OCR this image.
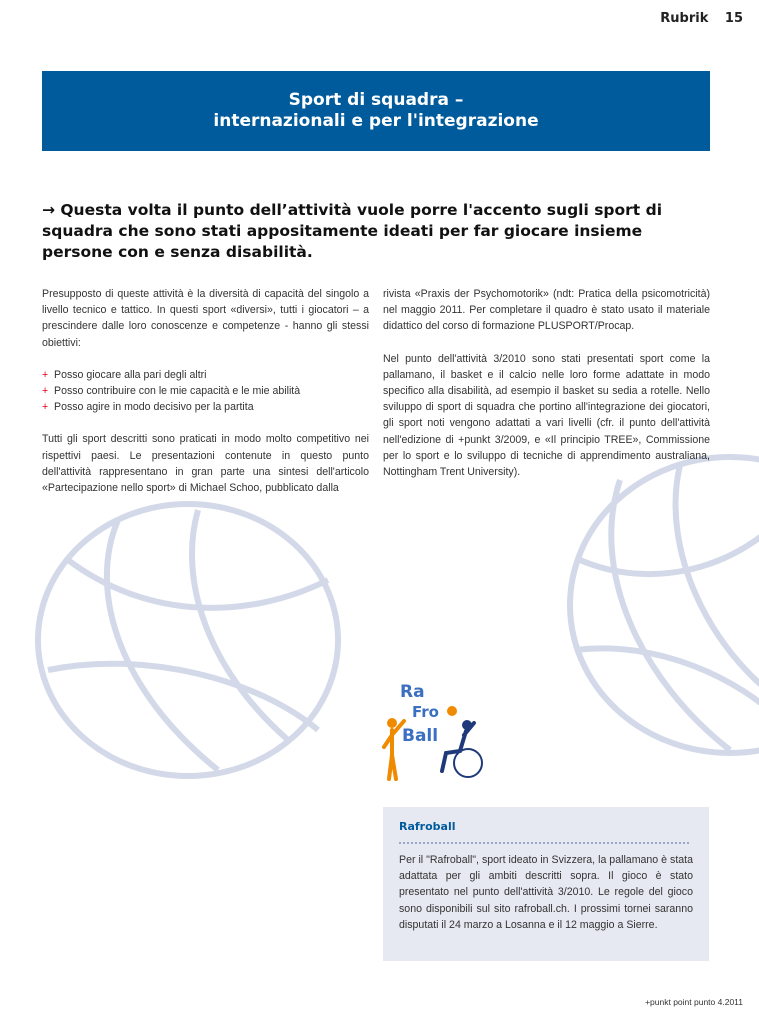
Rubrik 15
Sport di squadra –
internazionali e per l'integrazione
→ Questa volta il punto dell’attività vuole porre l'accento sugli sport di squadra che sono stati appositamente ideati per far giocare insieme persone con e senza disabilità.

Presupposto di queste attività è la diversità di capacità del singolo a livello tecnico e tattico. In questi sport «diversi», tutti i giocatori – a prescindere dalle loro conoscenze e competenze - hanno gli stessi obiettivi:

+ Posso giocare alla pari degli altri
+ Posso contribuire con le mie capacità e le mie abilità
+ Posso agire in modo decisivo per la partita

Tutti gli sport descritti sono praticati in modo molto competitivo nei rispettivi paesi. Le presentazioni contenute in questo punto dell'attività rappresentano in gran parte una sintesi dell'articolo «Partecipazione nello sport» di Michael Schoo, pubblicato dalla

rivista «Praxis der Psychomotorik» (ndt: Pratica della psicomotricità) nel maggio 2011. Per completare il quadro è stato usato il materiale didattico del corso di formazione PLUSPORT/Procap.

Nel punto dell'attività 3/2010 sono stati presentati sport come la pallamano, il basket e il calcio nelle loro forme adattate in modo specifico alla disabilità, ad esempio il basket su sedia a rotelle. Nello sviluppo di sport di squadra che portino all'integrazione dei giocatori, gli sport noti vengono adattati a vari livelli (cfr. il punto dell'attività nell'edizione di +punkt 3/2009, e «Il principio TREE», Commissione per lo sport e lo sviluppo di tecniche di apprendimento australiana, Nottingham Trent University).

Ra
Fro
Ball
Rafroball
Per il "Rafroball", sport ideato in Svizzera, la pallamano è stata adattata per gli ambiti descritti sopra. Il gioco è stato presentato nel punto dell'attività 3/2010. Le regole del gioco sono disponibili sul sito rafroball.ch. I prossimi tornei saranno disputati il 24 marzo a Losanna e il 12 maggio a Sierre.
+punkt point punto 4.2011
